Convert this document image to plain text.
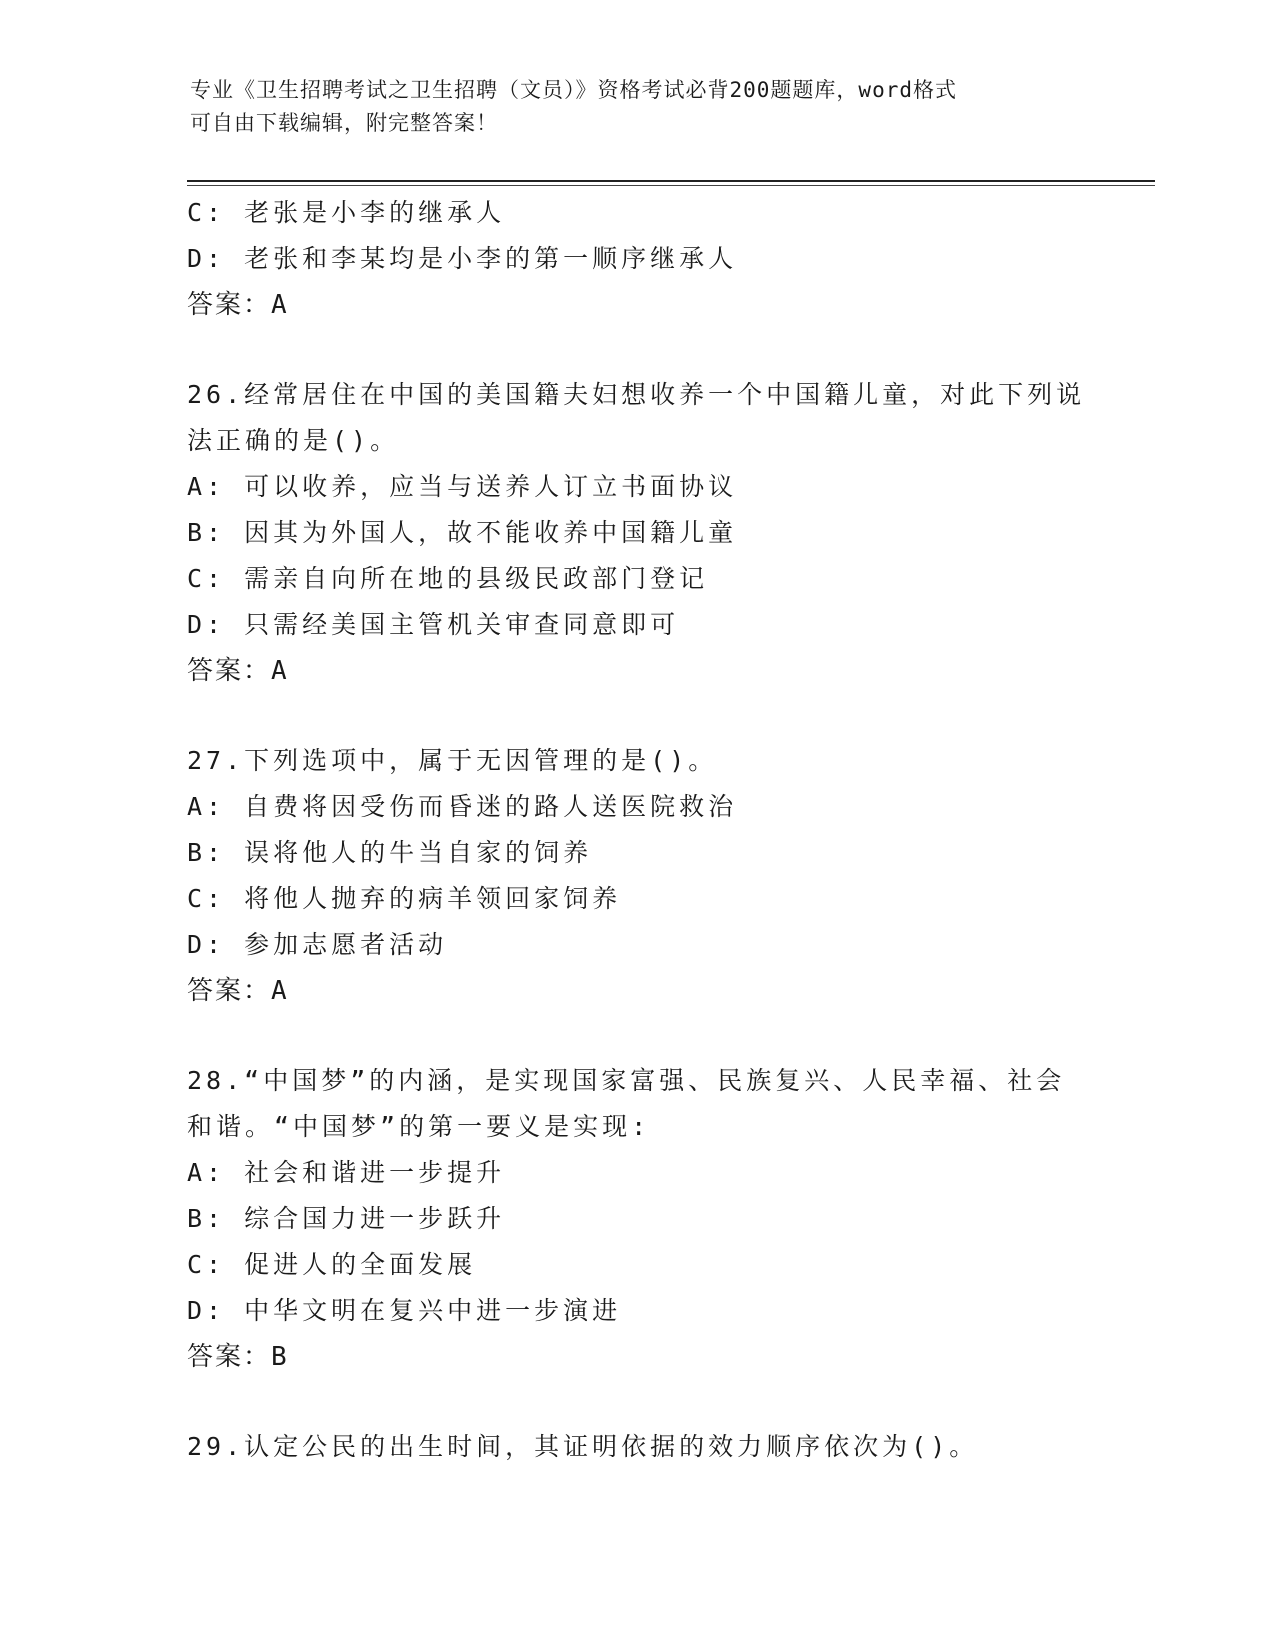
专业《卫生招聘考试之卫生招聘（文员）》资格考试必背200题题库，word格式
可自由下载编辑，附完整答案！
C: 老张是小李的继承人
D: 老张和李某均是小李的第一顺序继承人
答案：A
26.经常居住在中国的美国籍夫妇想收养一个中国籍儿童，对此下列说
法正确的是()。
A: 可以收养，应当与送养人订立书面协议
B: 因其为外国人，故不能收养中国籍儿童
C: 需亲自向所在地的县级民政部门登记
D: 只需经美国主管机关审查同意即可
答案：A
27.下列选项中，属于无因管理的是()。
A: 自费将因受伤而昏迷的路人送医院救治
B: 误将他人的牛当自家的饲养
C: 将他人抛弃的病羊领回家饲养
D: 参加志愿者活动
答案：A
28.“中国梦”的内涵，是实现国家富强、民族复兴、人民幸福、社会
和谐。“中国梦”的第一要义是实现:
A: 社会和谐进一步提升
B: 综合国力进一步跃升
C: 促进人的全面发展
D: 中华文明在复兴中进一步演进
答案：B
29.认定公民的出生时间，其证明依据的效力顺序依次为()。
